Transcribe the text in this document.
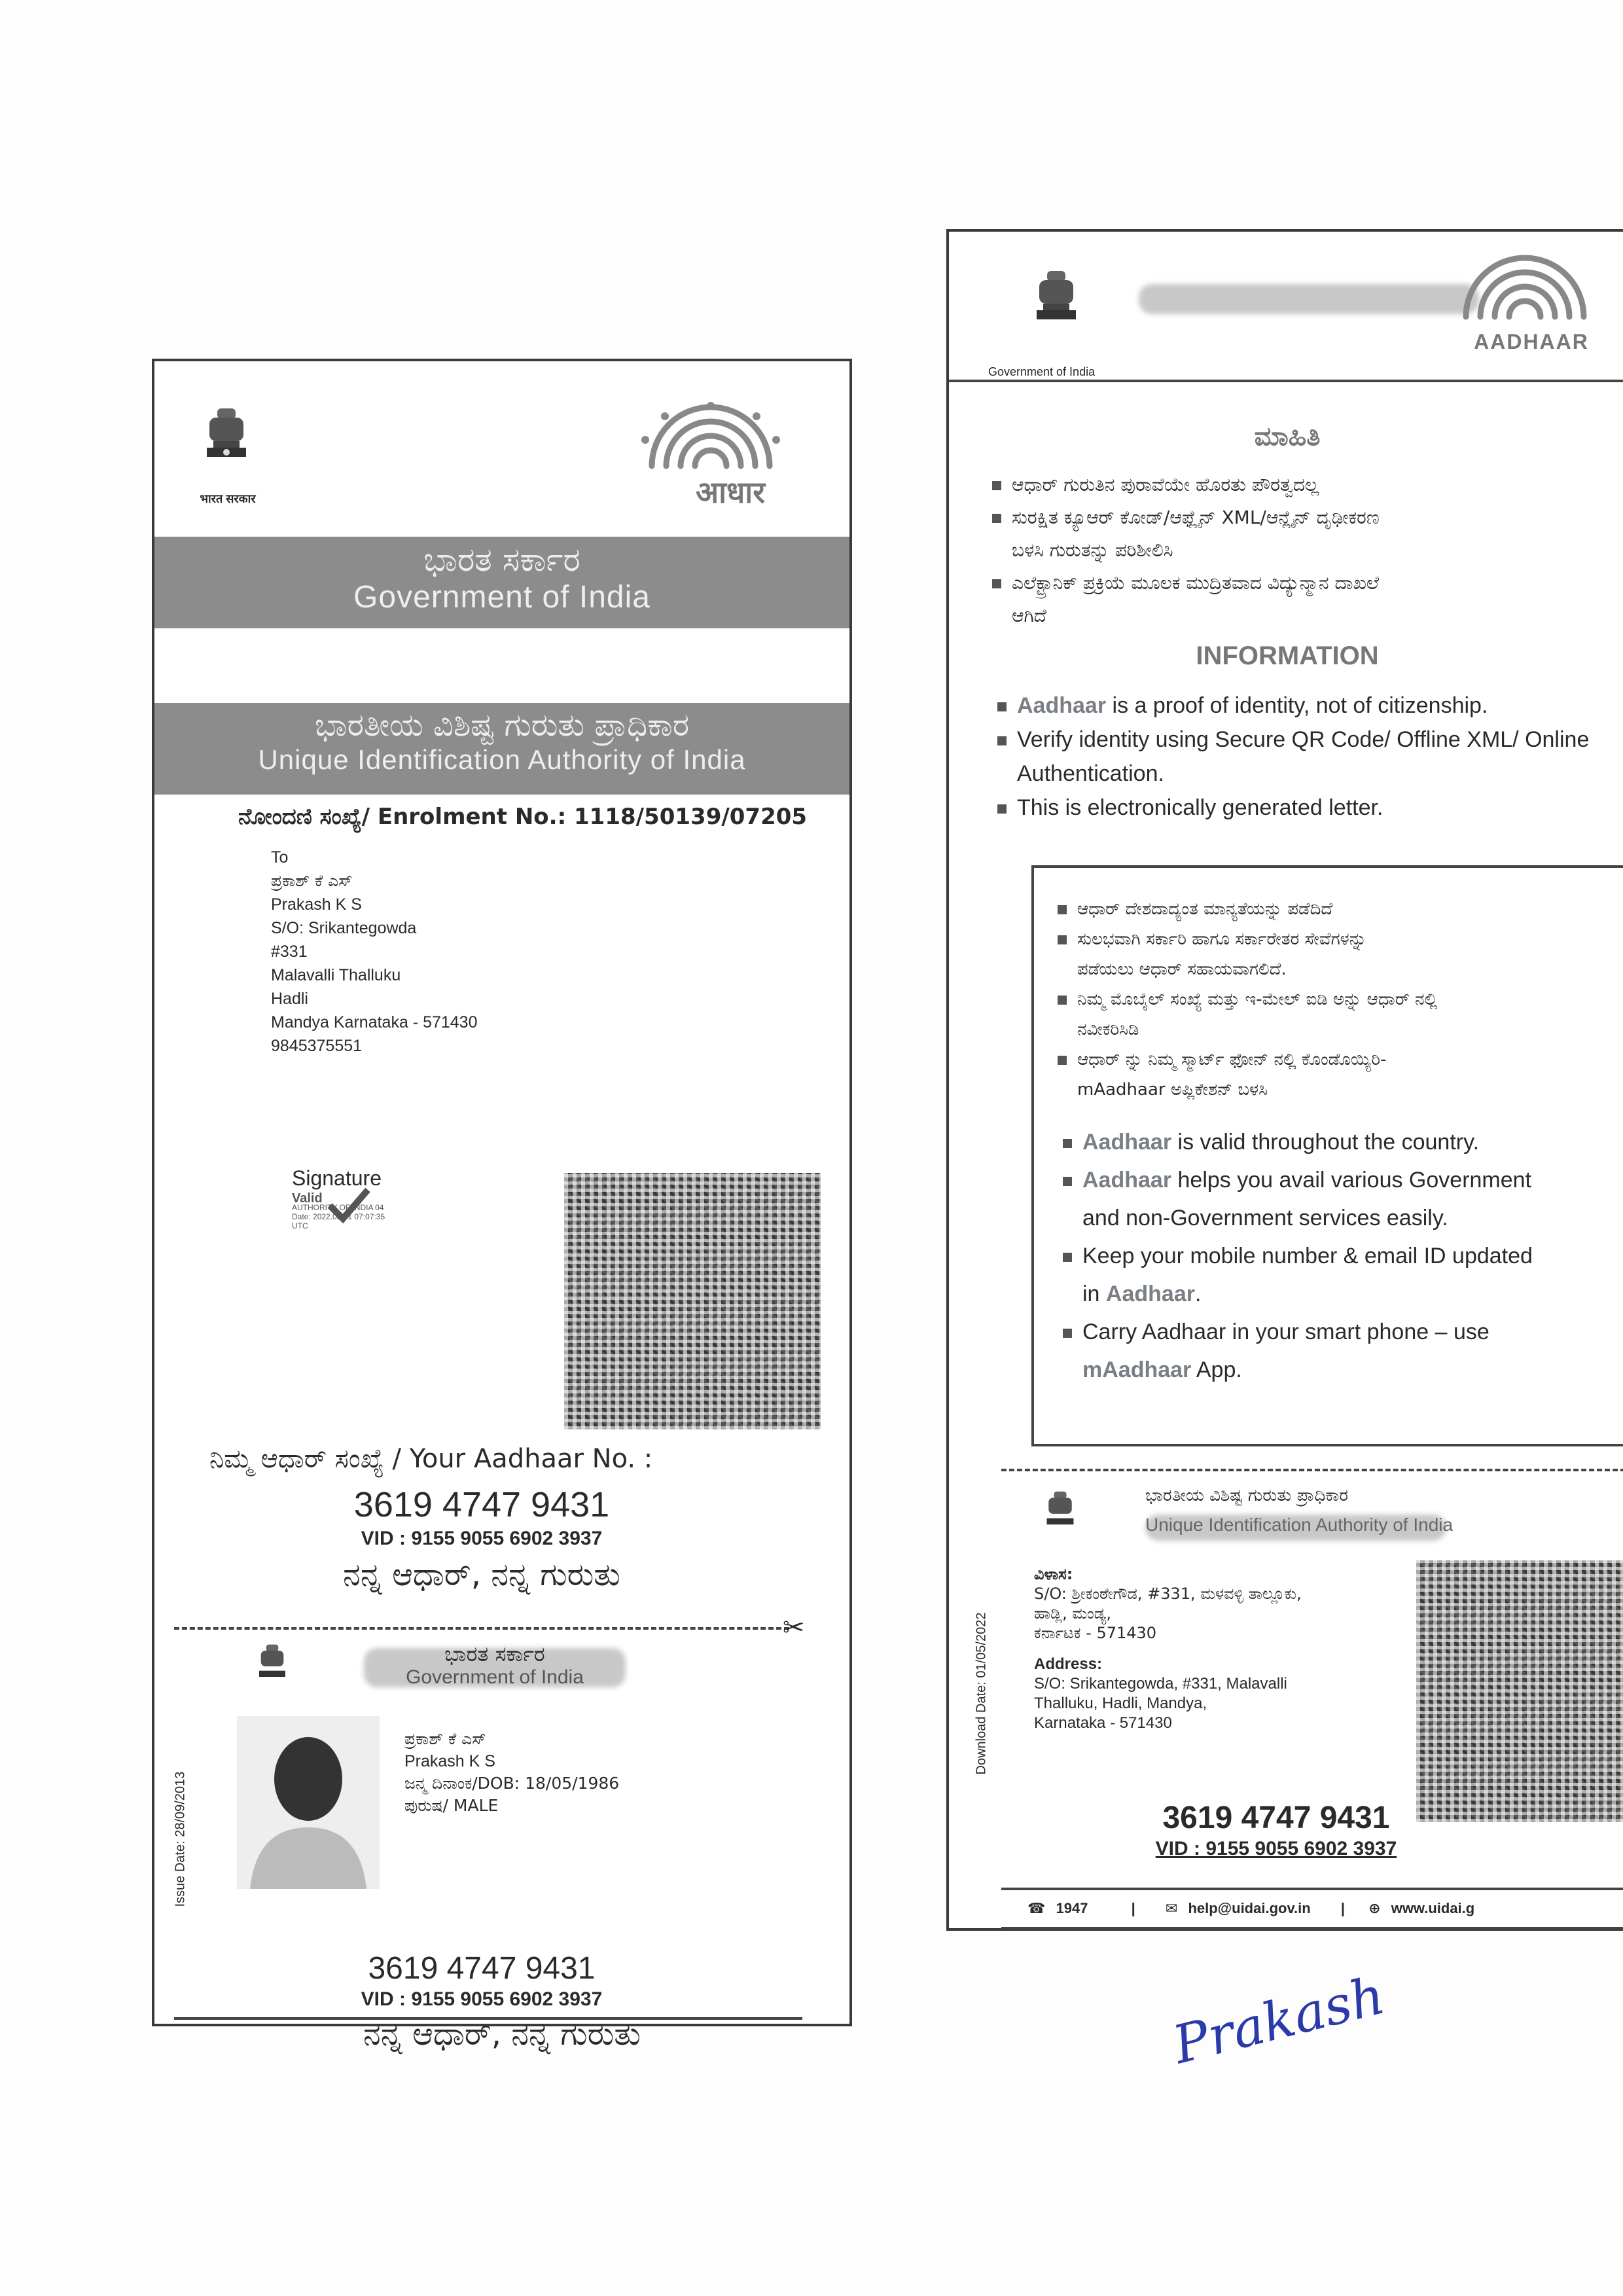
भारत सरकार	आधार
ಭಾರತ ಸರ್ಕಾರ
Government of India
ಭಾರತೀಯ ವಿಶಿಷ್ಟ ಗುರುತು ಪ್ರಾಧಿಕಾರ
Unique Identification Authority of India
ನೋಂದಣಿ ಸಂಖ್ಯೆ/ Enrolment No.: 1118/50139/07205
To
ಪ್ರಕಾಶ್ ಕೆ ಎಸ್
Prakash K S
S/O: Srikantegowda
#331
Malavalli Thalluku
Hadli
Mandya Karnataka - 571430
9845375551
Signature
Valid
AUTHORITY OF INDIA 04
Date: 2022.05.01 07:07:35
UTC
ನಿಮ್ಮ ಆಧಾರ್ ಸಂಖ್ಯೆ / Your Aadhaar No. :
3619 4747 9431
VID : 9155 9055 6902 3937
ನನ್ನ ಆಧಾರ್, ನನ್ನ ಗುರುತು
✂
ಭಾರತ ಸರ್ಕಾರ
Government of India
Issue Date: 28/09/2013
ಪ್ರಕಾಶ್ ಕೆ ಎಸ್
Prakash K S
ಜನ್ಮ ದಿನಾಂಕ/DOB: 18/05/1986
ಪುರುಷ/ MALE
3619 4747 9431
VID : 9155 9055 6902 3937
ನನ್ನ ಆಧಾರ್, ನನ್ನ ಗುರುತು
Government of India
AADHAAR
ಮಾಹಿತಿ
ಆಧಾರ್ ಗುರುತಿನ ಪುರಾವೆಯೇ ಹೊರತು ಪೌರತ್ವದಲ್ಲ
ಸುರಕ್ಷಿತ ಕ್ಯೂಆರ್ ಕೋಡ್/ಆಫ್ಲೈನ್ XML/ಆನ್ಲೈನ್ ದೃಢೀಕರಣ
ಬಳಸಿ ಗುರುತನ್ನು ಪರಿಶೀಲಿಸಿ
ಎಲೆಕ್ಟ್ರಾನಿಕ್ ಪ್ರಕ್ರಿಯೆ ಮೂಲಕ ಮುದ್ರಿತವಾದ ವಿದ್ಯುನ್ಮಾನ ದಾಖಲೆ
ಆಗಿದೆ
INFORMATION
Aadhaar is a proof of identity, not of citizenship.
Verify identity using Secure QR Code/ Offline XML/ Online
Authentication.
This is electronically generated letter.
ಆಧಾರ್ ದೇಶದಾದ್ಯಂತ ಮಾನ್ಯತೆಯನ್ನು ಪಡೆದಿದೆ
ಸುಲಭವಾಗಿ ಸರ್ಕಾರಿ ಹಾಗೂ ಸರ್ಕಾರೇತರ ಸೇವೆಗಳನ್ನು
ಪಡೆಯಲು ಆಧಾರ್ ಸಹಾಯವಾಗಲಿದೆ.
ನಿಮ್ಮ ಮೊಬೈಲ್ ಸಂಖ್ಯೆ ಮತ್ತು ಇ-ಮೇಲ್ ಐಡಿ ಅನ್ನು ಆಧಾರ್ ನಲ್ಲಿ
ನವೀಕರಿಸಿಡಿ
ಆಧಾರ್ ನ್ನು ನಿಮ್ಮ ಸ್ಮಾರ್ಟ್ ಫೋನ್ ನಲ್ಲಿ ಕೊಂಡೊಯ್ಯಿರಿ-
mAadhaar ಅಪ್ಲಿಕೇಶನ್ ಬಳಸಿ
Aadhaar is valid throughout the country.
Aadhaar helps you avail various Government
and non-Government services easily.
Keep your mobile number & email ID updated
in Aadhaar.
Carry Aadhaar in your smart phone – use
mAadhaar App.
ಭಾರತೀಯ ವಿಶಿಷ್ಟ ಗುರುತು ಪ್ರಾಧಿಕಾರ
Unique Identification Authority of India
Download Date: 01/05/2022
ವಿಳಾಸ:
S/O: ಶ್ರೀಕಂಠೇಗೌಡ, #331, ಮಳವಳ್ಳಿ ತಾಲ್ಲೂಕು,
ಹಾಡ್ಲಿ, ಮಂಡ್ಯ,
ಕರ್ನಾಟಕ - 571430
Address:
S/O: Srikantegowda, #331, Malavalli
Thalluku, Hadli, Mandya,
Karnataka - 571430
3619 4747 9431
VID : 9155 9055 6902 3937
☎ 1947	| ✉ help@uidai.gov.in | ⊕ www.uidai.g
Prakash
